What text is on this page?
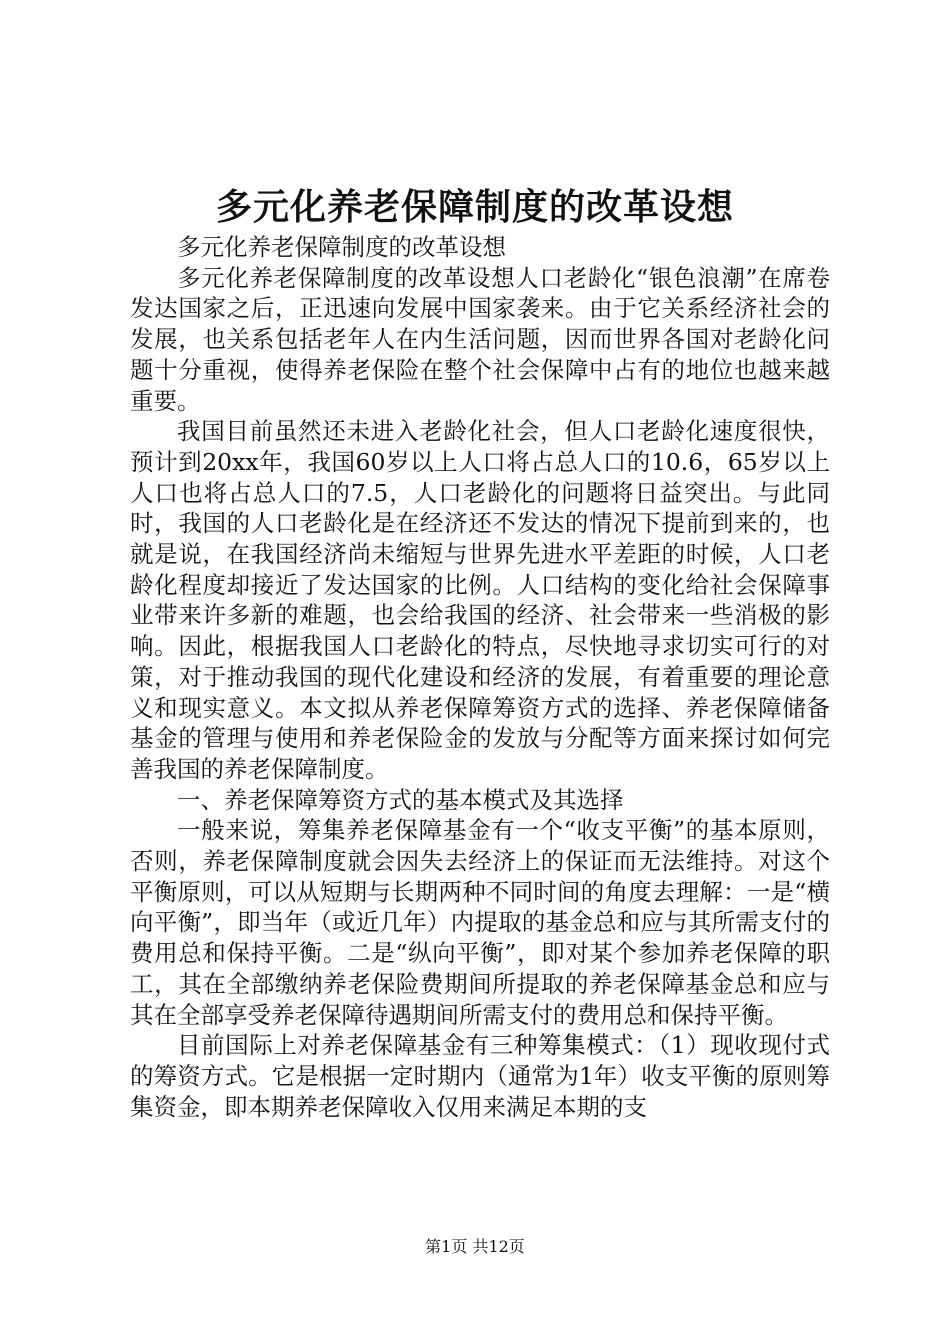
多元化养老保障制度的改革设想

多元化养老保障制度的改革设想

多元化养老保障制度的改革设想人口老龄化“银色浪潮”在席卷发达国家之后，正迅速向发展中国家袭来。由于它关系经济社会的发展，也关系包括老年人在内生活问题，因而世界各国对老龄化问题十分重视，使得养老保险在整个社会保障中占有的地位也越来越重要。

我国目前虽然还未进入老龄化社会，但人口老龄化速度很快，预计到20xx年，我国60岁以上人口将占总人口的10.6，65岁以上人口也将占总人口的7.5，人口老龄化的问题将日益突出。与此同时，我国的人口老龄化是在经济还不发达的情况下提前到来的，也就是说，在我国经济尚未缩短与世界先进水平差距的时候，人口老龄化程度却接近了发达国家的比例。人口结构的变化给社会保障事业带来许多新的难题，也会给我国的经济、社会带来一些消极的影响。因此，根据我国人口老龄化的特点，尽快地寻求切实可行的对策，对于推动我国的现代化建设和经济的发展，有着重要的理论意义和现实意义。本文拟从养老保障筹资方式的选择、养老保障储备基金的管理与使用和养老保险金的发放与分配等方面来探讨如何完善我国的养老保障制度。

一、养老保障筹资方式的基本模式及其选择

一般来说，筹集养老保障基金有一个“收支平衡”的基本原则，否则，养老保障制度就会因失去经济上的保证而无法维持。对这个平衡原则，可以从短期与长期两种不同时间的角度去理解：一是“横向平衡”，即当年（或近几年）内提取的基金总和应与其所需支付的费用总和保持平衡。二是“纵向平衡”，即对某个参加养老保障的职工，其在全部缴纳养老保险费期间所提取的养老保障基金总和应与其在全部享受养老保障待遇期间所需支付的费用总和保持平衡。

目前国际上对养老保障基金有三种筹集模式：（1）现收现付式的筹资方式。它是根据一定时期内（通常为1年）收支平衡的原则筹集资金，即本期养老保障收入仅用来满足本期的支

第1页 共12页
